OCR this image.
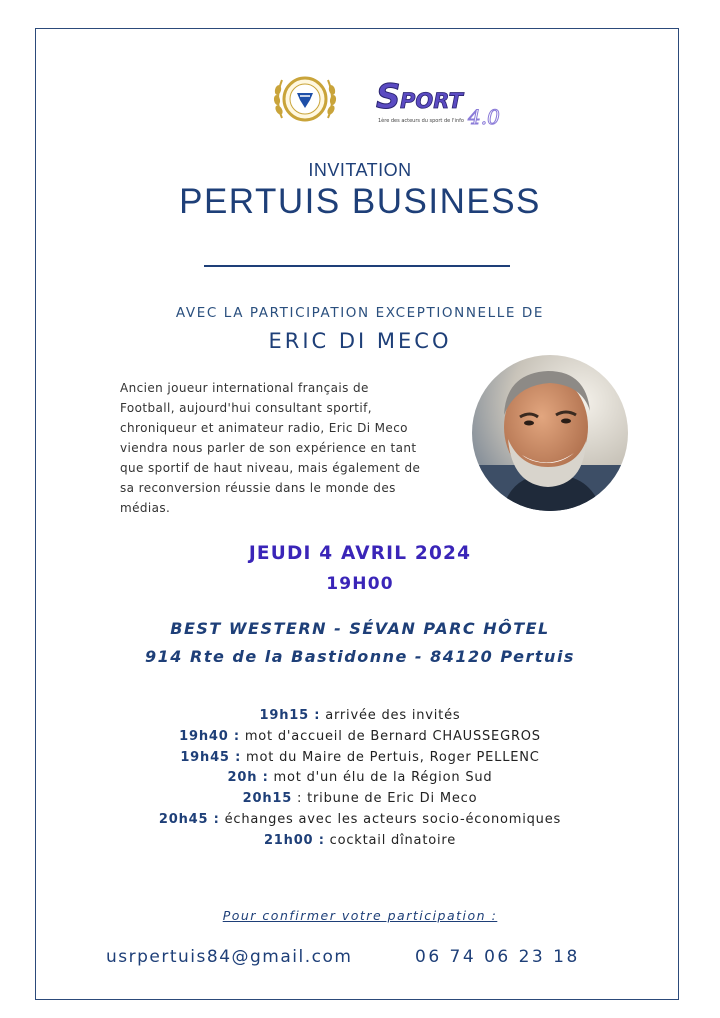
S PORT
4.0
1ère des acteurs du sport de l'info
INVITATION
PERTUIS BUSINESS
AVEC LA PARTICIPATION EXCEPTIONNELLE DE
ERIC DI MECO
Ancien joueur international français de
Football, aujourd'hui consultant sportif,
chroniqueur et animateur radio, Eric Di Meco
viendra nous parler de son expérience en tant
que sportif de haut niveau, mais également de
sa reconversion réussie dans le monde des
médias.
JEUDI 4 AVRIL 2024
19H00
BEST WESTERN - SÉVAN PARC HÔTEL
914 Rte de la Bastidonne - 84120 Pertuis
19h15 : arrivée des invités
19h40 : mot d'accueil de Bernard CHAUSSEGROS
19h45 : mot du Maire de Pertuis, Roger PELLENC
20h : mot d'un élu de la Région Sud
20h15 : tribune de Eric Di Meco
20h45 : échanges avec les acteurs socio-économiques
21h00 : cocktail dînatoire
Pour confirmer votre participation :
usrpertuis84@gmail.com	06 74 06 23 18
